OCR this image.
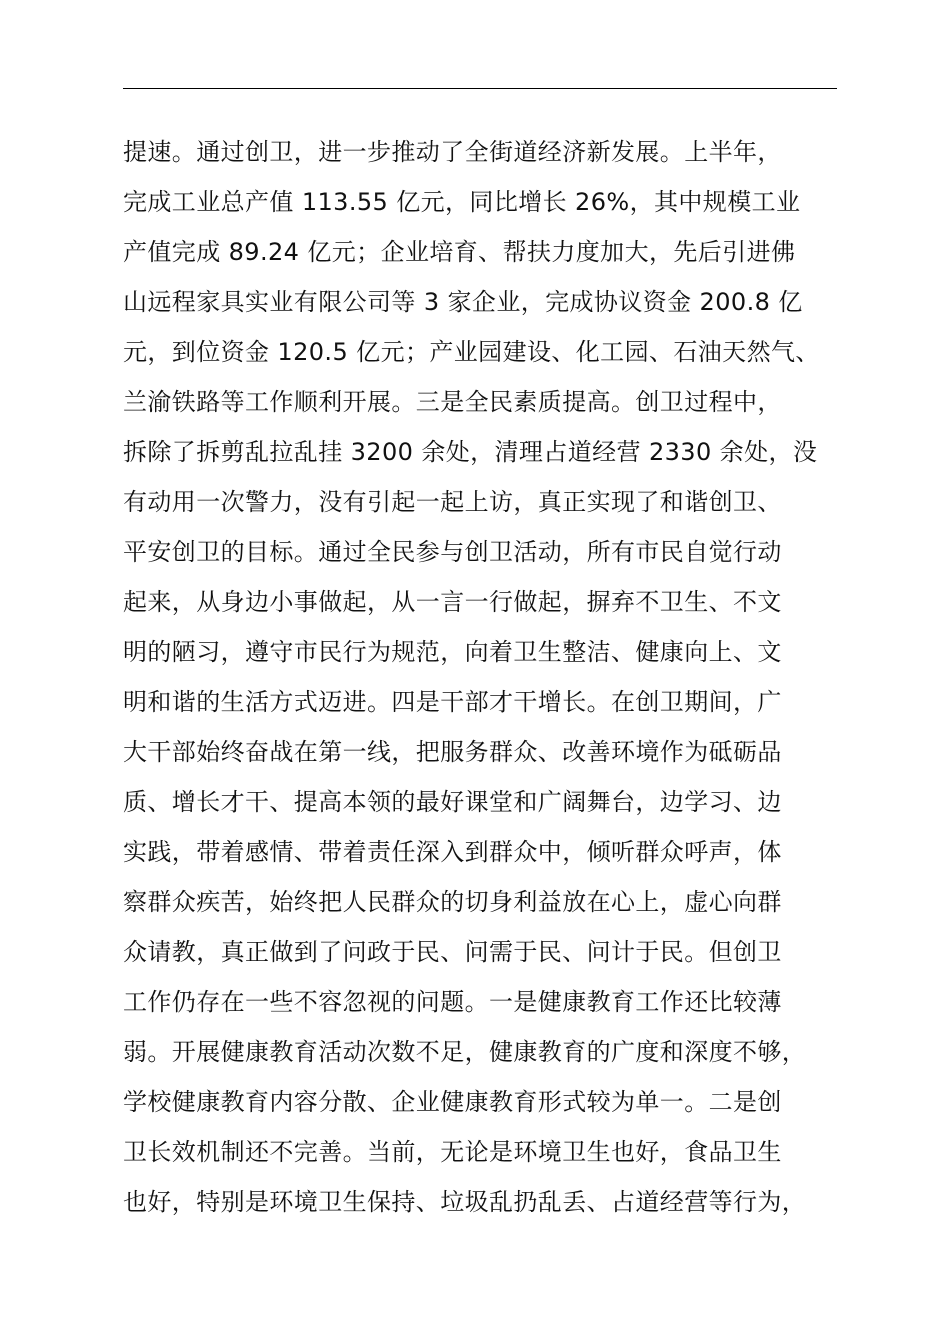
提速。通过创卫，进一步推动了全街道经济新发展。上半年，
完成工业总产值 113.55 亿元，同比增长 26%，其中规模工业
产值完成 89.24 亿元；企业培育、帮扶力度加大，先后引进佛
山远程家具实业有限公司等 3 家企业，完成协议资金 200.8 亿
元，到位资金 120.5 亿元；产业园建设、化工园、石油天然气、
兰渝铁路等工作顺利开展。三是全民素质提高。创卫过程中，
拆除了拆剪乱拉乱挂 3200 余处，清理占道经营 2330 余处，没
有动用一次警力，没有引起一起上访，真正实现了和谐创卫、
平安创卫的目标。通过全民参与创卫活动，所有市民自觉行动
起来，从身边小事做起，从一言一行做起，摒弃不卫生、不文
明的陋习，遵守市民行为规范，向着卫生整洁、健康向上、文
明和谐的生活方式迈进。四是干部才干增长。在创卫期间，广
大干部始终奋战在第一线，把服务群众、改善环境作为砥砺品
质、增长才干、提高本领的最好课堂和广阔舞台，边学习、边
实践，带着感情、带着责任深入到群众中，倾听群众呼声，体
察群众疾苦，始终把人民群众的切身利益放在心上，虚心向群
众请教，真正做到了问政于民、问需于民、问计于民。但创卫
工作仍存在一些不容忽视的问题。一是健康教育工作还比较薄
弱。开展健康教育活动次数不足，健康教育的广度和深度不够，
学校健康教育内容分散、企业健康教育形式较为单一。二是创
卫长效机制还不完善。当前，无论是环境卫生也好，食品卫生
也好，特别是环境卫生保持、垃圾乱扔乱丢、占道经营等行为，
